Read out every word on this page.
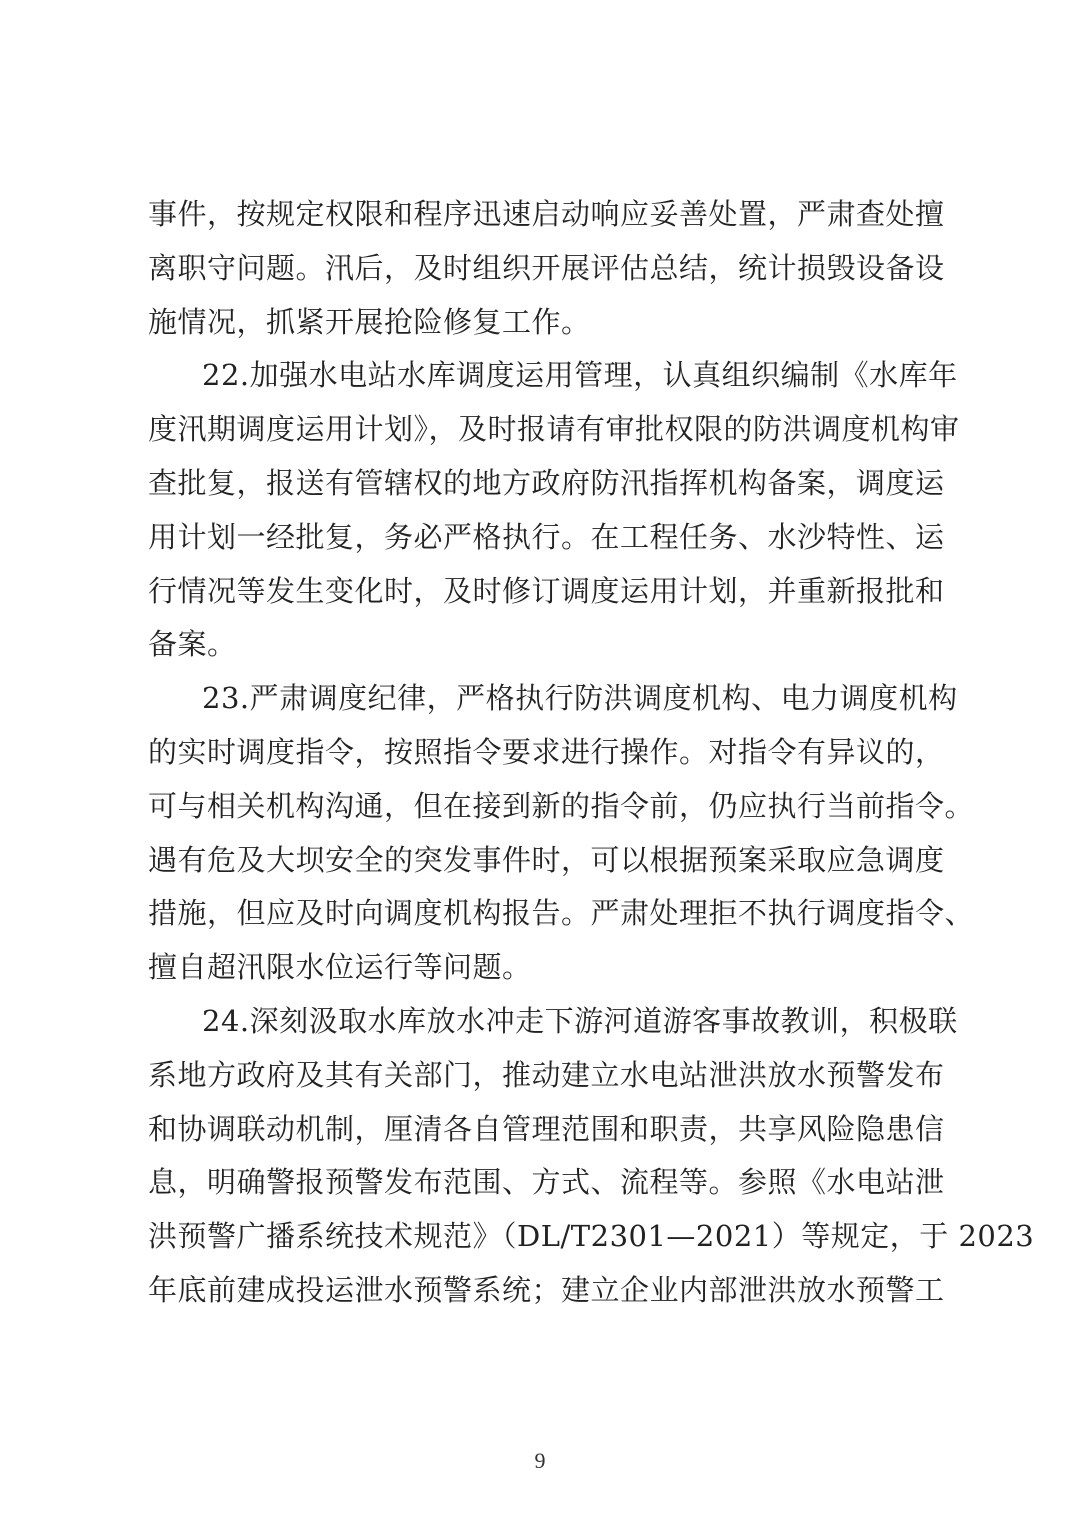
事件，按规定权限和程序迅速启动响应妥善处置，严肃查处擅
离职守问题。汛后，及时组织开展评估总结，统计损毁设备设
施情况，抓紧开展抢险修复工作。

22.加强水电站水库调度运用管理，认真组织编制《水库年
度汛期调度运用计划》，及时报请有审批权限的防洪调度机构审
查批复，报送有管辖权的地方政府防汛指挥机构备案，调度运
用计划一经批复，务必严格执行。在工程任务、水沙特性、运
行情况等发生变化时，及时修订调度运用计划，并重新报批和
备案。

23.严肃调度纪律，严格执行防洪调度机构、电力调度机构
的实时调度指令，按照指令要求进行操作。对指令有异议的，
可与相关机构沟通，但在接到新的指令前，仍应执行当前指令。
遇有危及大坝安全的突发事件时，可以根据预案采取应急调度
措施，但应及时向调度机构报告。严肃处理拒不执行调度指令、
擅自超汛限水位运行等问题。

24.深刻汲取水库放水冲走下游河道游客事故教训，积极联
系地方政府及其有关部门，推动建立水电站泄洪放水预警发布
和协调联动机制，厘清各自管理范围和职责，共享风险隐患信
息，明确警报预警发布范围、方式、流程等。参照《水电站泄
洪预警广播系统技术规范》（DL/T2301—2021）等规定，于 2023
年底前建成投运泄水预警系统；建立企业内部泄洪放水预警工

9
